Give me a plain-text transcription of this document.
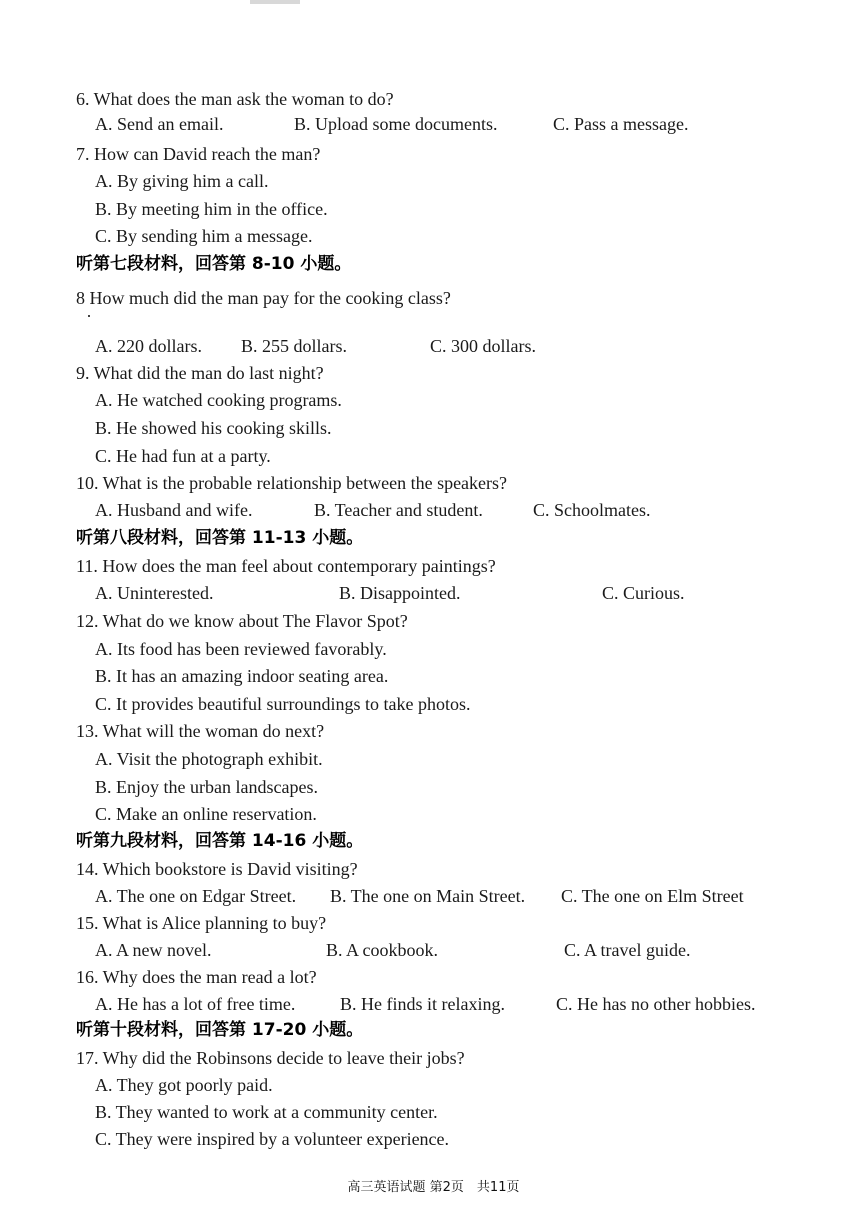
6. What does the man ask the woman to do?
A. Send an email.	B. Upload some documents.	C. Pass a message.
7. How can David reach the man?
A. By giving him a call.
B. By meeting him in the office.
C. By sending him a message.
听第七段材料，回答第 8-10 小题。
8 How much did the man pay for the cooking class?
A. 220 dollars. B. 255 dollars.	C. 300 dollars.
9. What did the man do last night?
A. He watched cooking programs.
B. He showed his cooking skills.
C. He had fun at a party.
10. What is the probable relationship between the speakers?
A. Husband and wife.	B. Teacher and student.	C. Schoolmates.
听第八段材料，回答第 11-13 小题。
11. How does the man feel about contemporary paintings?
A. Uninterested.	B. Disappointed.	C. Curious.
12. What do we know about The Flavor Spot?
A. Its food has been reviewed favorably.
B. It has an amazing indoor seating area.
C. It provides beautiful surroundings to take photos.
13. What will the woman do next?
A. Visit the photograph exhibit.
B. Enjoy the urban landscapes.
C. Make an online reservation.
听第九段材料，回答第 14-16 小题。
14. Which bookstore is David visiting?
A. The one on Edgar Street. B. The one on Main Street. C. The one on Elm Street
15. What is Alice planning to buy?
A. A new novel.	B. A cookbook.	C. A travel guide.
16. Why does the man read a lot?
A. He has a lot of free time. B. He finds it relaxing.	C. He has no other hobbies.
听第十段材料，回答第 17-20 小题。
17. Why did the Robinsons decide to leave their jobs?
A. They got poorly paid.
B. They wanted to work at a community center.
C. They were inspired by a volunteer experience.
高三英语试题 第2页　共11页
